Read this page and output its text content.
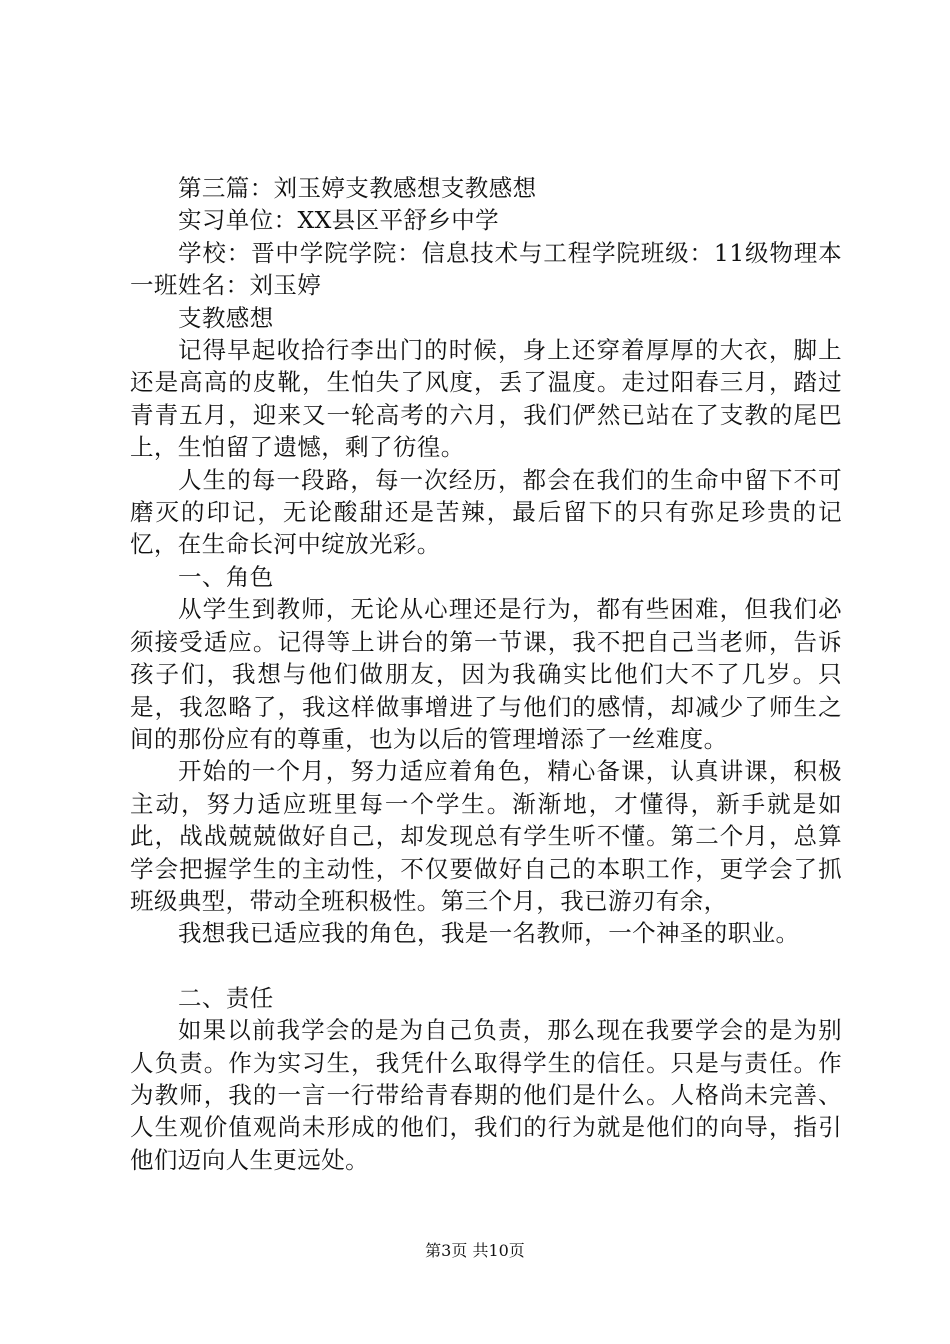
第三篇：刘玉婷支教感想支教感想

实习单位：XX县区平舒乡中学

学校：晋中学院学院：信息技术与工程学院班级：11级物理本一班姓名：刘玉婷

支教感想

记得早起收拾行李出门的时候，身上还穿着厚厚的大衣，脚上还是高高的皮靴，生怕失了风度，丢了温度。走过阳春三月，踏过青青五月，迎来又一轮高考的六月，我们俨然已站在了支教的尾巴上，生怕留了遗憾，剩了彷徨。

人生的每一段路，每一次经历，都会在我们的生命中留下不可磨灭的印记，无论酸甜还是苦辣，最后留下的只有弥足珍贵的记忆，在生命长河中绽放光彩。

一、角色

从学生到教师，无论从心理还是行为，都有些困难，但我们必须接受适应。记得等上讲台的第一节课，我不把自己当老师，告诉孩子们，我想与他们做朋友，因为我确实比他们大不了几岁。只是，我忽略了，我这样做事增进了与他们的感情，却减少了师生之间的那份应有的尊重，也为以后的管理增添了一丝难度。

开始的一个月，努力适应着角色，精心备课，认真讲课，积极主动，努力适应班里每一个学生。渐渐地，才懂得，新手就是如此，战战兢兢做好自己，却发现总有学生听不懂。第二个月，总算学会把握学生的主动性，不仅要做好自己的本职工作，更学会了抓班级典型，带动全班积极性。第三个月，我已游刃有余，

我想我已适应我的角色，我是一名教师，一个神圣的职业。

二、责任

如果以前我学会的是为自己负责，那么现在我要学会的是为别人负责。作为实习生，我凭什么取得学生的信任。只是与责任。作为教师，我的一言一行带给青春期的他们是什么。人格尚未完善、人生观价值观尚未形成的他们，我们的行为就是他们的向导，指引他们迈向人生更远处。

第3页 共10页
